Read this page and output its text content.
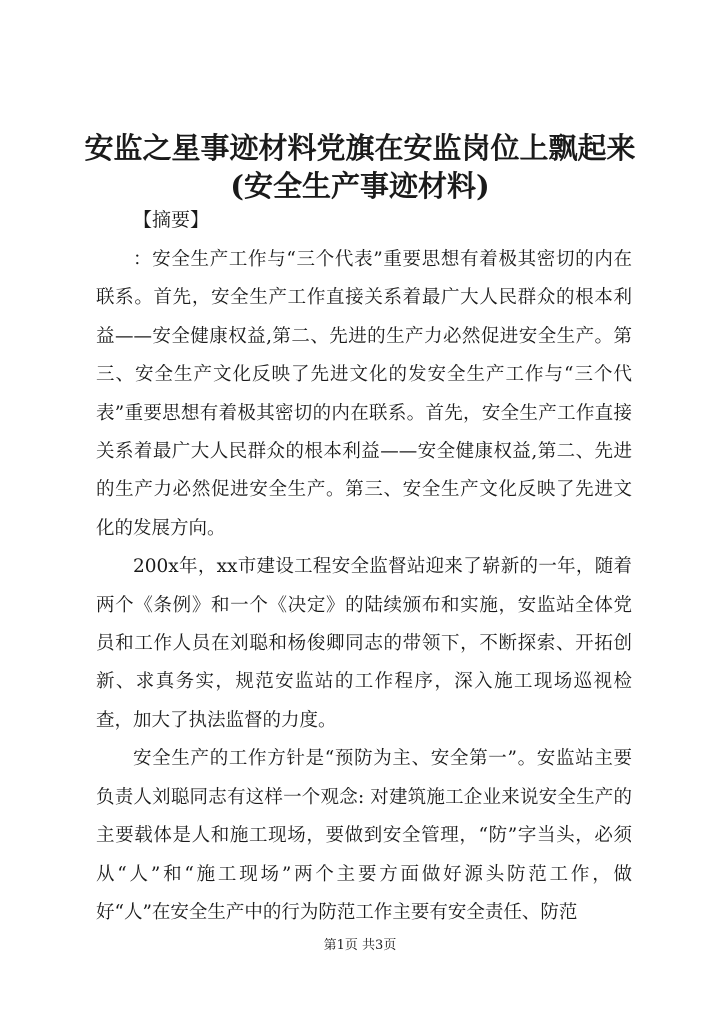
安监之星事迹材料党旗在安监岗位上飘起来
(安全生产事迹材料)
【摘要】

：安全生产工作与“三个代表”重要思想有着极其密切的内在联系。首先，安全生产工作直接关系着最广大人民群众的根本利益——安全健康权益,第二、先进的生产力必然促进安全生产。第三、安全生产文化反映了先进文化的发安全生产工作与“三个代表”重要思想有着极其密切的内在联系。首先，安全生产工作直接关系着最广大人民群众的根本利益——安全健康权益,第二、先进的生产力必然促进安全生产。第三、安全生产文化反映了先进文化的发展方向。

200x年，xx市建设工程安全监督站迎来了崭新的一年，随着两个《条例》和一个《决定》的陆续颁布和实施，安监站全体党员和工作人员在刘聪和杨俊卿同志的带领下，不断探索、开拓创新、求真务实，规范安监站的工作程序，深入施工现场巡视检查，加大了执法监督的力度。

安全生产的工作方针是“预防为主、安全第一”。安监站主要负责人刘聪同志有这样一个观念: 对建筑施工企业来说安全生产的主要载体是人和施工现场，要做到安全管理，“防”字当头，必须从“人”和“施工现场”两个主要方面做好源头防范工作，做好“人”在安全生产中的行为防范工作主要有安全责任、防范

第1页 共3页
